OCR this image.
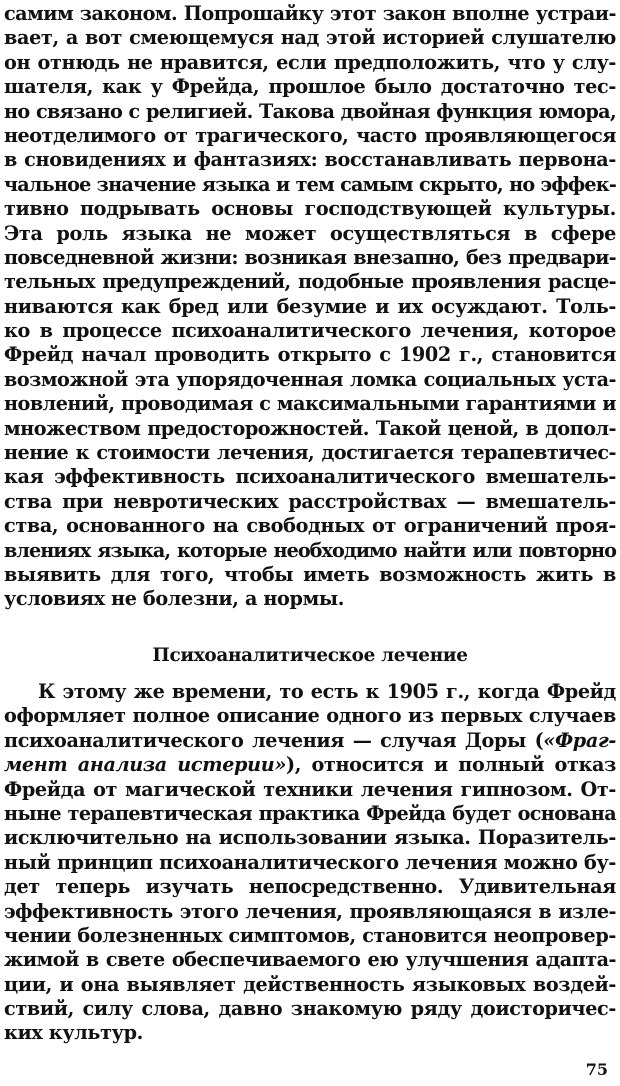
самим законом. Попрошайку этот закон вполне устраи-
вает, а вот смеющемуся над этой историей слушателю
он отнюдь не нравится, если предположить, что у слу-
шателя, как у Фрейда, прошлое было достаточно тес-
но связано с религией. Такова двойная функция юмора,
неотделимого от трагического, часто проявляющегося
в сновидениях и фантазиях: восстанавливать первона-
чальное значение языка и тем самым скрыто, но эффек-
тивно подрывать основы господствующей культуры.
Эта роль языка не может осуществляться в сфере
повседневной жизни: возникая внезапно, без предвари-
тельных предупреждений, подобные проявления расце-
ниваются как бред или безумие и их осуждают. Толь-
ко в процессе психоаналитического лечения, которое
Фрейд начал проводить открыто с 1902 г., становится
возможной эта упорядоченная ломка социальных уста-
новлений, проводимая с максимальными гарантиями и
множеством предосторожностей. Такой ценой, в допол-
нение к стоимости лечения, достигается терапевтичес-
кая эффективность психоаналитического вмешатель-
ства при невротических расстройствах — вмешатель-
ства, основанного на свободных от ограничений проя-
влениях языка, которые необходимо найти или повторно
выявить для того, чтобы иметь возможность жить в
условиях не болезни, а нормы.
Психоаналитическое лечение
К этому же времени, то есть к 1905 г., когда Фрейд
оформляет полное описание одного из первых случаев
психоаналитического лечения — случая Доры («Фраг-
мент анализа истерии»), относится и полный отказ
Фрейда от магической техники лечения гипнозом. От-
ныне терапевтическая практика Фрейда будет основана
исключительно на использовании языка. Поразитель-
ный принцип психоаналитического лечения можно бу-
дет теперь изучать непосредственно. Удивительная
эффективность этого лечения, проявляющаяся в изле-
чении болезненных симптомов, становится неопровер-
жимой в свете обеспечиваемого ею улучшения адапта-
ции, и она выявляет действенность языковых воздей-
ствий, силу слова, давно знакомую ряду доисторичес-
ких культур.
75
